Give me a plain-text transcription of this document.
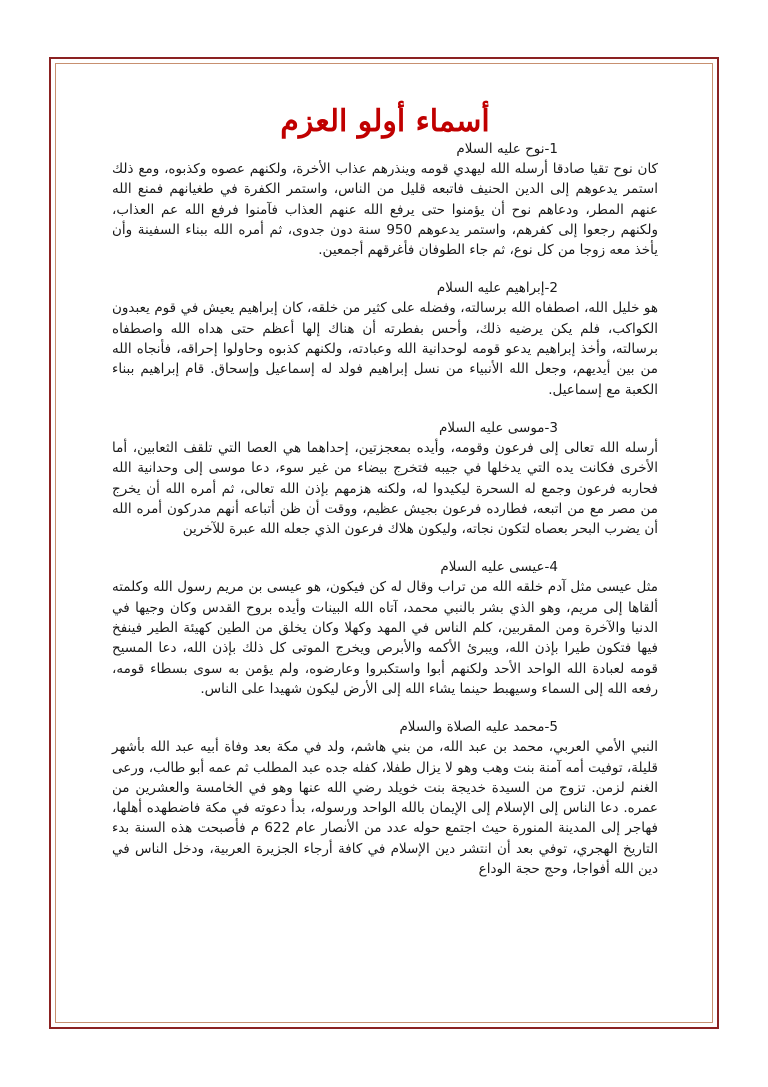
أسماء أولو العزم

1-نوح عليه السلام

كان نوح تقيا صادقا أرسله الله ليهدي قومه وينذرهم عذاب الأخرة، ولكنهم عصوه وكذبوه، ومع ذلك استمر يدعوهم إلى الدين الحنيف فاتبعه قليل من الناس، واستمر الكفرة في طغيانهم فمنع الله عنهم المطر، ودعاهم نوح أن يؤمنوا حتى يرفع الله عنهم العذاب فآمنوا فرفع الله عم العذاب، ولكنهم رجعوا إلى كفرهم، واستمر يدعوهم 950 سنة دون جدوى، ثم أمره الله ببناء السفينة وأن يأخذ معه زوجا من كل نوع، ثم جاء الطوفان فأغرقهم أجمعين.

2-إبراهيم عليه السلام

هو خليل الله، اصطفاه الله برسالته، وفضله على كثير من خلقه، كان إبراهيم يعيش في قوم يعبدون الكواكب، فلم يكن يرضيه ذلك، وأحس بفطرته أن هناك إلها أعظم حتى هداه الله واصطفاه برسالته، وأخذ إبراهيم يدعو قومه لوحدانية الله وعبادته، ولكنهم كذبوه وحاولوا إحراقه، فأنجاه الله من بين أيديهم، وجعل الله الأنبياء من نسل إبراهيم فولد له إسماعيل وإسحاق. قام إبراهيم ببناء الكعبة مع إسماعيل.

3-موسى عليه السلام

أرسله الله تعالى إلى فرعون وقومه، وأيده بمعجزتين، إحداهما هي العصا التي تلقف الثعابين، أما الأخرى فكانت يده التي يدخلها في جيبه فتخرج بيضاء من غير سوء، دعا موسى إلى وحدانية الله فحاربه فرعون وجمع له السحرة ليكيدوا له، ولكنه هزمهم بإذن الله تعالى، ثم أمره الله أن يخرج من مصر مع من اتبعه، فطارده فرعون بجيش عظيم، ووقت أن ظن أتباعه أنهم مدركون أمره الله أن يضرب البحر بعصاه لتكون نجاته، وليكون هلاك فرعون الذي جعله الله عبرة للآخرين

4-عيسى عليه السلام

مثل عيسى مثل آدم خلقه الله من تراب وقال له كن فيكون، هو عيسى بن مريم رسول الله وكلمته ألقاها إلى مريم، وهو الذي بشر بالنبي محمد، آتاه الله البينات وأيده بروح القدس وكان وجيها في الدنيا والآخرة ومن المقربين، كلم الناس في المهد وكهلا وكان يخلق من الطين كهيئة الطير فينفخ فيها فتكون طيرا بإذن الله، ويبرئ الأكمه والأبرص ويخرج الموتى كل ذلك بإذن الله، دعا المسيح قومه لعبادة الله الواحد الأحد ولكنهم أبوا واستكبروا وعارضوه، ولم يؤمن به سوى بسطاء قومه، رفعه الله إلى السماء وسيهبط حينما يشاء الله إلى الأرض ليكون شهيدا على الناس.

5-محمد عليه الصلاة والسلام

النبي الأمي العربي، محمد بن عبد الله، من بني هاشم، ولد في مكة بعد وفاة أبيه عبد الله بأشهر قليلة، توفيت أمه آمنة بنت وهب وهو لا يزال طفلا، كفله جده عبد المطلب ثم عمه أبو طالب، ورعى الغنم لزمن. تزوج من السيدة خديجة بنت خويلد رضي الله عنها وهو في الخامسة والعشرين من عمره. دعا الناس إلى الإسلام إلى الإيمان بالله الواحد ورسوله، بدأ دعوته في مكة فاضطهده أهلها، فهاجر إلى المدينة المنورة حيث اجتمع حوله عدد من الأنصار عام 622 م فأصبحت هذه السنة بدء التاريخ الهجري، توفي بعد أن انتشر دين الإسلام في كافة أرجاء الجزيرة العربية، ودخل الناس في دين الله أفواجا، وحج حجة الوداع
